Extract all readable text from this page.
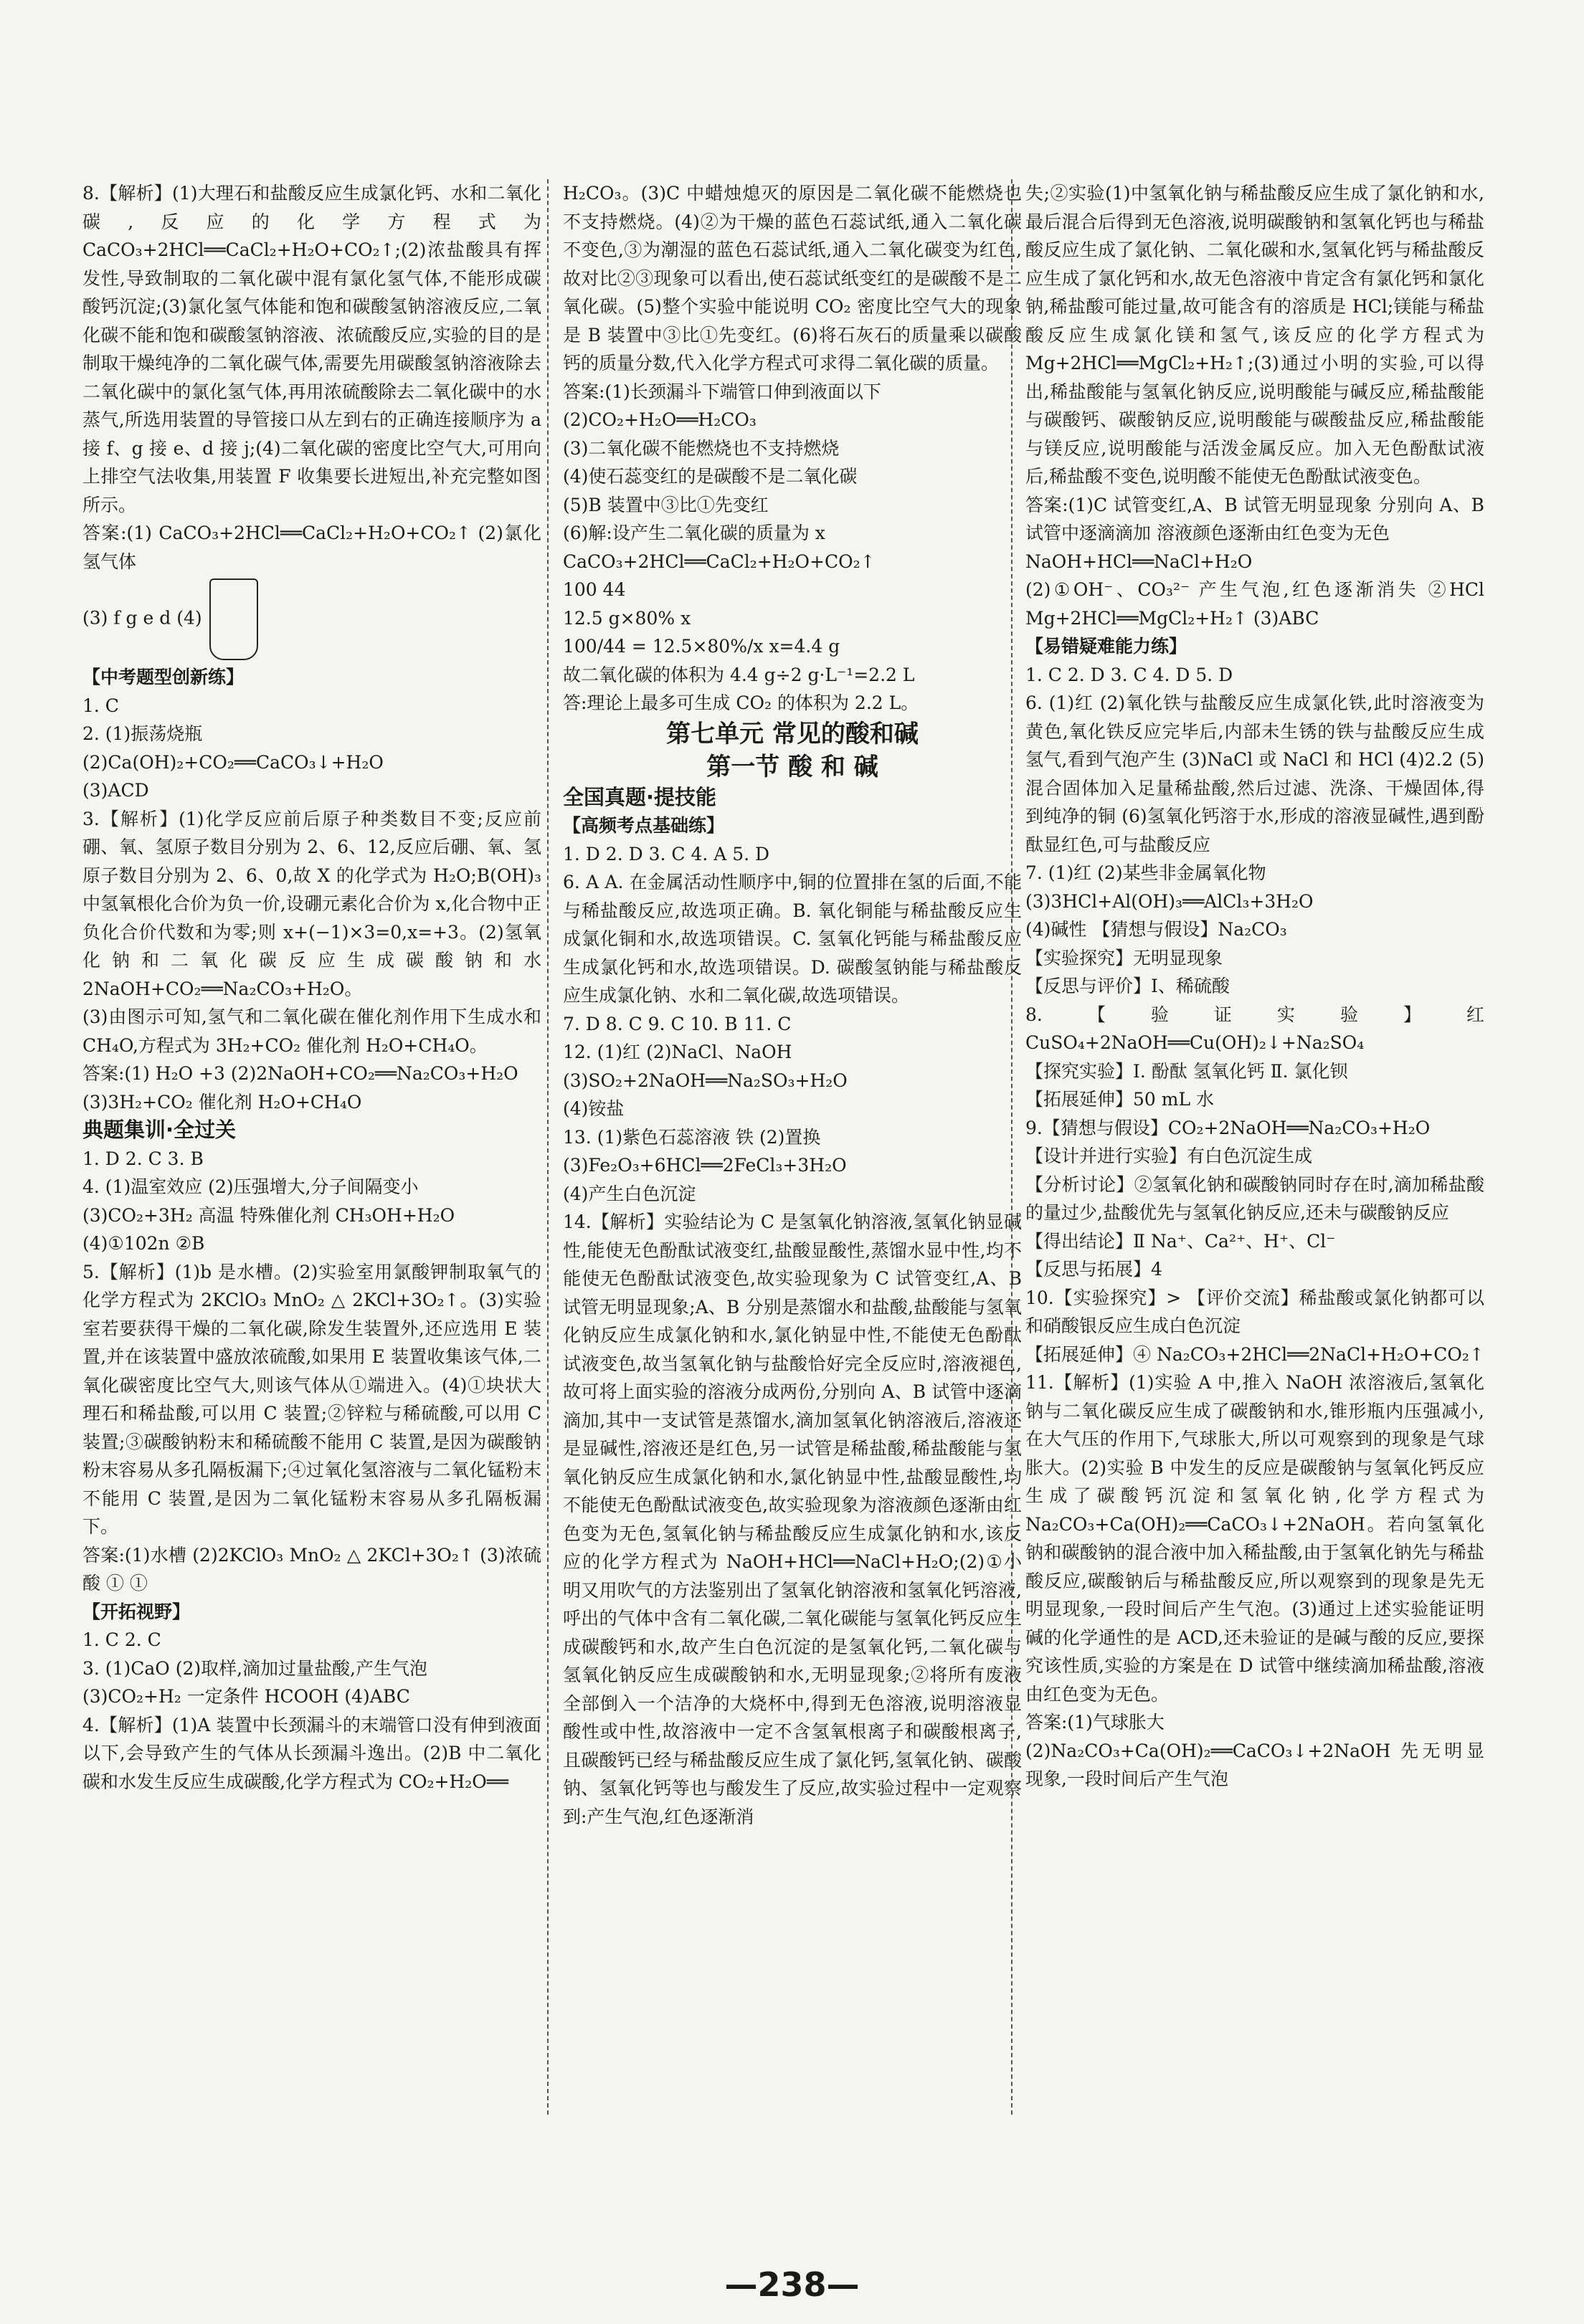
8.【解析】(1)大理石和盐酸反应生成氯化钙、水和二氧化碳,反应的化学方程式为 CaCO₃+2HCl══CaCl₂+H₂O+CO₂↑;(2)浓盐酸具有挥发性,导致制取的二氧化碳中混有氯化氢气体,不能形成碳酸钙沉淀;(3)氯化氢气体能和饱和碳酸氢钠溶液反应,二氧化碳不能和饱和碳酸氢钠溶液、浓硫酸反应,实验的目的是制取干燥纯净的二氧化碳气体,需要先用碳酸氢钠溶液除去二氧化碳中的氯化氢气体,再用浓硫酸除去二氧化碳中的水蒸气,所选用装置的导管接口从左到右的正确连接顺序为 a 接 f、g 接 e、d 接 j;(4)二氧化碳的密度比空气大,可用向上排空气法收集,用装置 F 收集要长进短出,补充完整如图所示。

答案:(1) CaCO₃+2HCl══CaCl₂+H₂O+CO₂↑ (2)氯化氢气体

(3) f g e d (4)

【中考题型创新练】

1. C

2. (1)振荡烧瓶

(2)Ca(OH)₂+CO₂══CaCO₃↓+H₂O

(3)ACD

3.【解析】(1)化学反应前后原子种类数目不变;反应前硼、氧、氢原子数目分别为 2、6、12,反应后硼、氧、氢原子数目分别为 2、6、0,故 X 的化学式为 H₂O;B(OH)₃ 中氢氧根化合价为负一价,设硼元素化合价为 x,化合物中正负化合价代数和为零;则 x+(−1)×3=0,x=+3。(2)氢氧化钠和二氧化碳反应生成碳酸钠和水 2NaOH+CO₂══Na₂CO₃+H₂O。

(3)由图示可知,氢气和二氧化碳在催化剂作用下生成水和 CH₄O,方程式为 3H₂+CO₂ 催化剂 H₂O+CH₄O。

答案:(1) H₂O +3 (2)2NaOH+CO₂══Na₂CO₃+H₂O

(3)3H₂+CO₂ 催化剂 H₂O+CH₄O

典题集训·全过关

1. D 2. C 3. B

4. (1)温室效应 (2)压强增大,分子间隔变小

(3)CO₂+3H₂ 高温 特殊催化剂 CH₃OH+H₂O

(4)①102n ②B

5.【解析】(1)b 是水槽。(2)实验室用氯酸钾制取氧气的化学方程式为 2KClO₃ MnO₂ △ 2KCl+3O₂↑。(3)实验室若要获得干燥的二氧化碳,除发生装置外,还应选用 E 装置,并在该装置中盛放浓硫酸,如果用 E 装置收集该气体,二氧化碳密度比空气大,则该气体从①端进入。(4)①块状大理石和稀盐酸,可以用 C 装置;②锌粒与稀硫酸,可以用 C 装置;③碳酸钠粉末和稀硫酸不能用 C 装置,是因为碳酸钠粉末容易从多孔隔板漏下;④过氧化氢溶液与二氧化锰粉末不能用 C 装置,是因为二氧化锰粉末容易从多孔隔板漏下。

答案:(1)水槽 (2)2KClO₃ MnO₂ △ 2KCl+3O₂↑ (3)浓硫酸 ① ①

【开拓视野】

1. C 2. C

3. (1)CaO (2)取样,滴加过量盐酸,产生气泡

(3)CO₂+H₂ 一定条件 HCOOH (4)ABC

4.【解析】(1)A 装置中长颈漏斗的末端管口没有伸到液面以下,会导致产生的气体从长颈漏斗逸出。(2)B 中二氧化碳和水发生反应生成碳酸,化学方程式为 CO₂+H₂O══

H₂CO₃。(3)C 中蜡烛熄灭的原因是二氧化碳不能燃烧也不支持燃烧。(4)②为干燥的蓝色石蕊试纸,通入二氧化碳不变色,③为潮湿的蓝色石蕊试纸,通入二氧化碳变为红色,故对比②③现象可以看出,使石蕊试纸变红的是碳酸不是二氧化碳。(5)整个实验中能说明 CO₂ 密度比空气大的现象是 B 装置中③比①先变红。(6)将石灰石的质量乘以碳酸钙的质量分数,代入化学方程式可求得二氧化碳的质量。

答案:(1)长颈漏斗下端管口伸到液面以下

(2)CO₂+H₂O══H₂CO₃

(3)二氧化碳不能燃烧也不支持燃烧

(4)使石蕊变红的是碳酸不是二氧化碳

(5)B 装置中③比①先变红

(6)解:设产生二氧化碳的质量为 x

CaCO₃+2HCl══CaCl₂+H₂O+CO₂↑

100 44

12.5 g×80% x

100/44 = 12.5×80%/x x=4.4 g

故二氧化碳的体积为 4.4 g÷2 g·L⁻¹=2.2 L

答:理论上最多可生成 CO₂ 的体积为 2.2 L。

第七单元 常见的酸和碱

第一节 酸 和 碱

全国真题·提技能

【高频考点基础练】

1. D 2. D 3. C 4. A 5. D

6. A A. 在金属活动性顺序中,铜的位置排在氢的后面,不能与稀盐酸反应,故选项正确。B. 氧化铜能与稀盐酸反应生成氯化铜和水,故选项错误。C. 氢氧化钙能与稀盐酸反应生成氯化钙和水,故选项错误。D. 碳酸氢钠能与稀盐酸反应生成氯化钠、水和二氧化碳,故选项错误。

7. D 8. C 9. C 10. B 11. C

12. (1)红 (2)NaCl、NaOH

(3)SO₂+2NaOH══Na₂SO₃+H₂O

(4)铵盐

13. (1)紫色石蕊溶液 铁 (2)置换

(3)Fe₂O₃+6HCl══2FeCl₃+3H₂O

(4)产生白色沉淀

14.【解析】实验结论为 C 是氢氧化钠溶液,氢氧化钠显碱性,能使无色酚酞试液变红,盐酸显酸性,蒸馏水显中性,均不能使无色酚酞试液变色,故实验现象为 C 试管变红,A、B 试管无明显现象;A、B 分别是蒸馏水和盐酸,盐酸能与氢氧化钠反应生成氯化钠和水,氯化钠显中性,不能使无色酚酞试液变色,故当氢氧化钠与盐酸恰好完全反应时,溶液褪色,故可将上面实验的溶液分成两份,分别向 A、B 试管中逐滴滴加,其中一支试管是蒸馏水,滴加氢氧化钠溶液后,溶液还是显碱性,溶液还是红色,另一试管是稀盐酸,稀盐酸能与氢氧化钠反应生成氯化钠和水,氯化钠显中性,盐酸显酸性,均不能使无色酚酞试液变色,故实验现象为溶液颜色逐渐由红色变为无色,氢氧化钠与稀盐酸反应生成氯化钠和水,该反应的化学方程式为 NaOH+HCl══NaCl+H₂O;(2)①小明又用吹气的方法鉴别出了氢氧化钠溶液和氢氧化钙溶液,呼出的气体中含有二氧化碳,二氧化碳能与氢氧化钙反应生成碳酸钙和水,故产生白色沉淀的是氢氧化钙,二氧化碳与氢氧化钠反应生成碳酸钠和水,无明显现象;②将所有废液全部倒入一个洁净的大烧杯中,得到无色溶液,说明溶液显酸性或中性,故溶液中一定不含氢氧根离子和碳酸根离子,且碳酸钙已经与稀盐酸反应生成了氯化钙,氢氧化钠、碳酸钠、氢氧化钙等也与酸发生了反应,故实验过程中一定观察到:产生气泡,红色逐渐消

失;②实验(1)中氢氧化钠与稀盐酸反应生成了氯化钠和水,最后混合后得到无色溶液,说明碳酸钠和氢氧化钙也与稀盐酸反应生成了氯化钠、二氧化碳和水,氢氧化钙与稀盐酸反应生成了氯化钙和水,故无色溶液中肯定含有氯化钙和氯化钠,稀盐酸可能过量,故可能含有的溶质是 HCl;镁能与稀盐酸反应生成氯化镁和氢气,该反应的化学方程式为 Mg+2HCl══MgCl₂+H₂↑;(3)通过小明的实验,可以得出,稀盐酸能与氢氧化钠反应,说明酸能与碱反应,稀盐酸能与碳酸钙、碳酸钠反应,说明酸能与碳酸盐反应,稀盐酸能与镁反应,说明酸能与活泼金属反应。加入无色酚酞试液后,稀盐酸不变色,说明酸不能使无色酚酞试液变色。

答案:(1)C 试管变红,A、B 试管无明显现象 分别向 A、B 试管中逐滴滴加 溶液颜色逐渐由红色变为无色

NaOH+HCl══NaCl+H₂O

(2)①OH⁻、CO₃²⁻ 产生气泡,红色逐渐消失 ②HCl Mg+2HCl══MgCl₂+H₂↑ (3)ABC

【易错疑难能力练】

1. C 2. D 3. C 4. D 5. D

6. (1)红 (2)氧化铁与盐酸反应生成氯化铁,此时溶液变为黄色,氧化铁反应完毕后,内部未生锈的铁与盐酸反应生成氢气,看到气泡产生 (3)NaCl 或 NaCl 和 HCl (4)2.2 (5)混合固体加入足量稀盐酸,然后过滤、洗涤、干燥固体,得到纯净的铜 (6)氢氧化钙溶于水,形成的溶液显碱性,遇到酚酞显红色,可与盐酸反应

7. (1)红 (2)某些非金属氧化物

(3)3HCl+Al(OH)₃══AlCl₃+3H₂O

(4)碱性 【猜想与假设】Na₂CO₃

【实验探究】无明显现象

【反思与评价】Ⅰ、稀硫酸

8.【验证实验】红 CuSO₄+2NaOH══Cu(OH)₂↓+Na₂SO₄

【探究实验】Ⅰ. 酚酞 氢氧化钙 Ⅱ. 氯化钡

【拓展延伸】50 mL 水

9.【猜想与假设】CO₂+2NaOH══Na₂CO₃+H₂O

【设计并进行实验】有白色沉淀生成

【分析讨论】②氢氧化钠和碳酸钠同时存在时,滴加稀盐酸的量过少,盐酸优先与氢氧化钠反应,还未与碳酸钠反应

【得出结论】Ⅱ Na⁺、Ca²⁺、H⁺、Cl⁻

【反思与拓展】4

10.【实验探究】> 【评价交流】稀盐酸或氯化钠都可以和硝酸银反应生成白色沉淀

【拓展延伸】④ Na₂CO₃+2HCl══2NaCl+H₂O+CO₂↑

11.【解析】(1)实验 A 中,推入 NaOH 浓溶液后,氢氧化钠与二氧化碳反应生成了碳酸钠和水,锥形瓶内压强减小,在大气压的作用下,气球胀大,所以可观察到的现象是气球胀大。(2)实验 B 中发生的反应是碳酸钠与氢氧化钙反应生成了碳酸钙沉淀和氢氧化钠,化学方程式为 Na₂CO₃+Ca(OH)₂══CaCO₃↓+2NaOH。若向氢氧化钠和碳酸钠的混合液中加入稀盐酸,由于氢氧化钠先与稀盐酸反应,碳酸钠后与稀盐酸反应,所以观察到的现象是先无明显现象,一段时间后产生气泡。(3)通过上述实验能证明碱的化学通性的是 ACD,还未验证的是碱与酸的反应,要探究该性质,实验的方案是在 D 试管中继续滴加稀盐酸,溶液由红色变为无色。

答案:(1)气球胀大

(2)Na₂CO₃+Ca(OH)₂══CaCO₃↓+2NaOH 先无明显现象,一段时间后产生气泡

—238—
